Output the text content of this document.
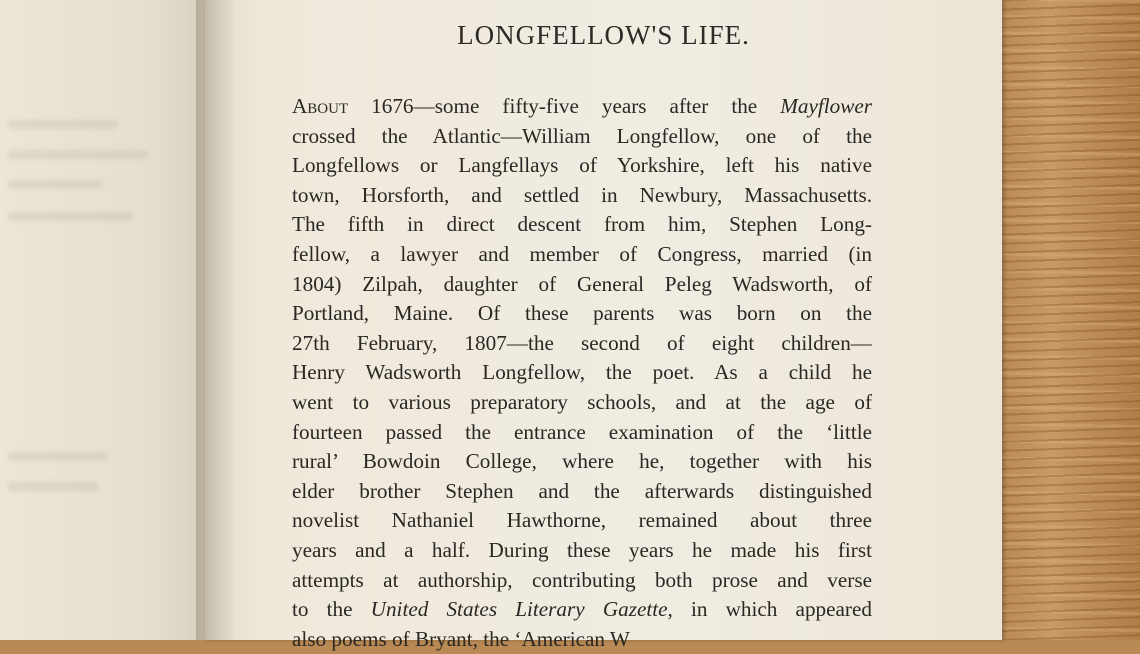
LONGFELLOW'S LIFE.
About 1676—some fifty-five years after the Mayflower
crossed the Atlantic—William Longfellow, one of the
Longfellows or Langfellays of Yorkshire, left his native
town, Horsforth, and settled in Newbury, Massachusetts.
The fifth in direct descent from him, Stephen Long-
fellow, a lawyer and member of Congress, married (in
1804) Zilpah, daughter of General Peleg Wadsworth, of
Portland, Maine. Of these parents was born on the
27th February, 1807—the second of eight children—
Henry Wadsworth Longfellow, the poet. As a child he
went to various preparatory schools, and at the age of
fourteen passed the entrance examination of the ‘little
rural’ Bowdoin College, where he, together with his
elder brother Stephen and the afterwards distinguished
novelist Nathaniel Hawthorne, remained about three
years and a half. During these years he made his first
attempts at authorship, contributing both prose and verse
to the United States Literary Gazette, in which appeared
also poems of Bryant, the ‘American W
